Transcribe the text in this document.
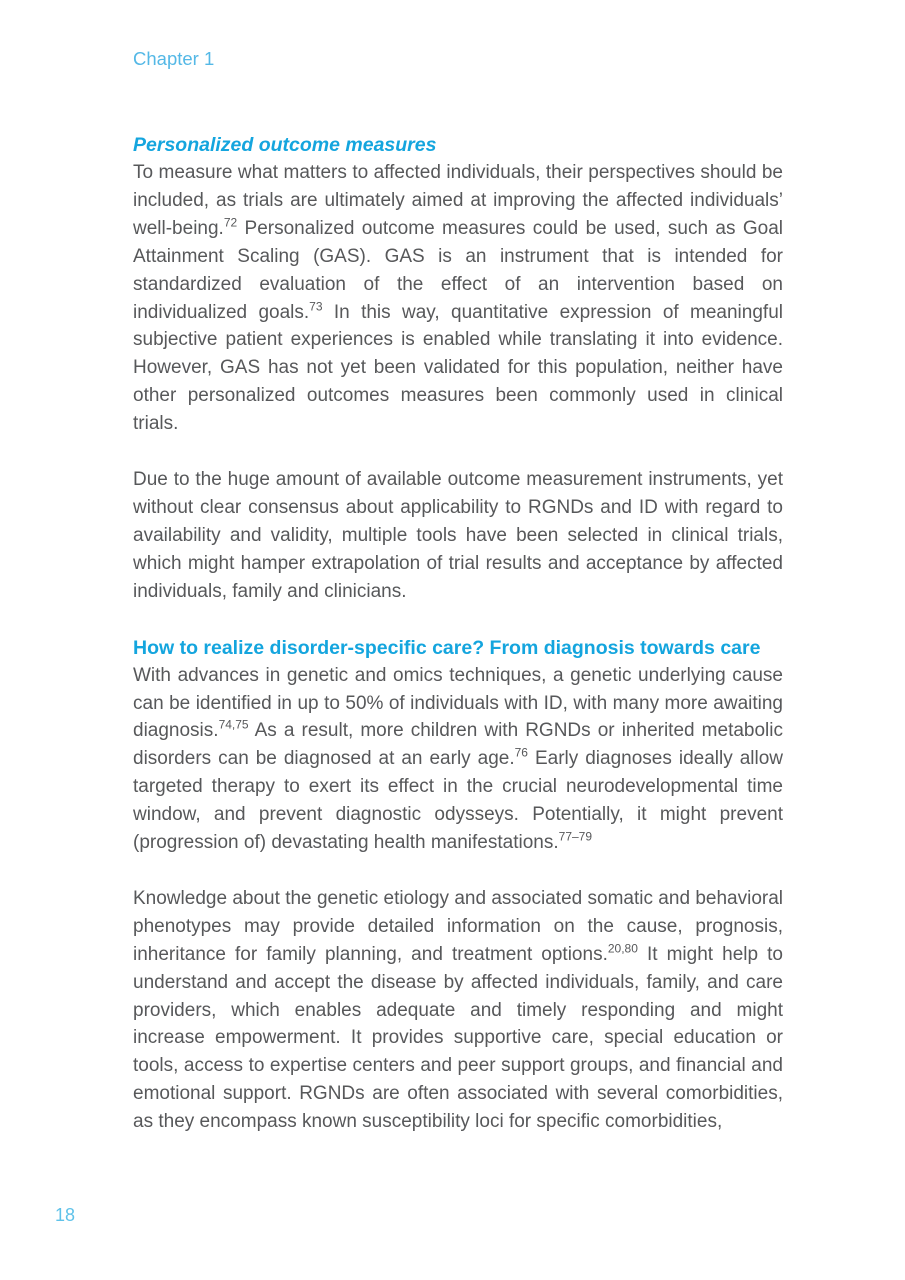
Chapter 1
Personalized outcome measures

To measure what matters to affected individuals, their perspectives should be included, as trials are ultimately aimed at improving the affected individuals’ well-being.$^{72}$ Personalized outcome measures could be used, such as Goal Attainment Scaling (GAS). GAS is an instrument that is intended for standardized evaluation of the effect of an intervention based on individualized goals.$^{73}$ In this way, quantitative expression of meaningful subjective patient experiences is enabled while translating it into evidence. However, GAS has not yet been validated for this population, neither have other personalized outcomes measures been commonly used in clinical trials.

Due to the huge amount of available outcome measurement instruments, yet without clear consensus about applicability to RGNDs and ID with regard to availability and validity, multiple tools have been selected in clinical trials, which might hamper extrapolation of trial results and acceptance by affected individuals, family and clinicians.

How to realize disorder-specific care? From diagnosis towards care

With advances in genetic and omics techniques, a genetic underlying cause can be identified in up to 50% of individuals with ID, with many more awaiting diagnosis.$^{74,75}$ As a result, more children with RGNDs or inherited metabolic disorders can be diagnosed at an early age.$^{76}$ Early diagnoses ideally allow targeted therapy to exert its effect in the crucial neurodevelopmental time window, and prevent diagnostic odysseys. Potentially, it might prevent (progression of) devastating health manifestations.$^{77-79}$

Knowledge about the genetic etiology and associated somatic and behavioral phenotypes may provide detailed information on the cause, prognosis, inheritance for family planning, and treatment options.$^{20,80}$ It might help to understand and accept the disease by affected individuals, family, and care providers, which enables adequate and timely responding and might increase empowerment. It provides supportive care, special education or tools, access to expertise centers and peer support groups, and financial and emotional support. RGNDs are often associated with several comorbidities, as they encompass known susceptibility loci for specific comorbidities,

18
